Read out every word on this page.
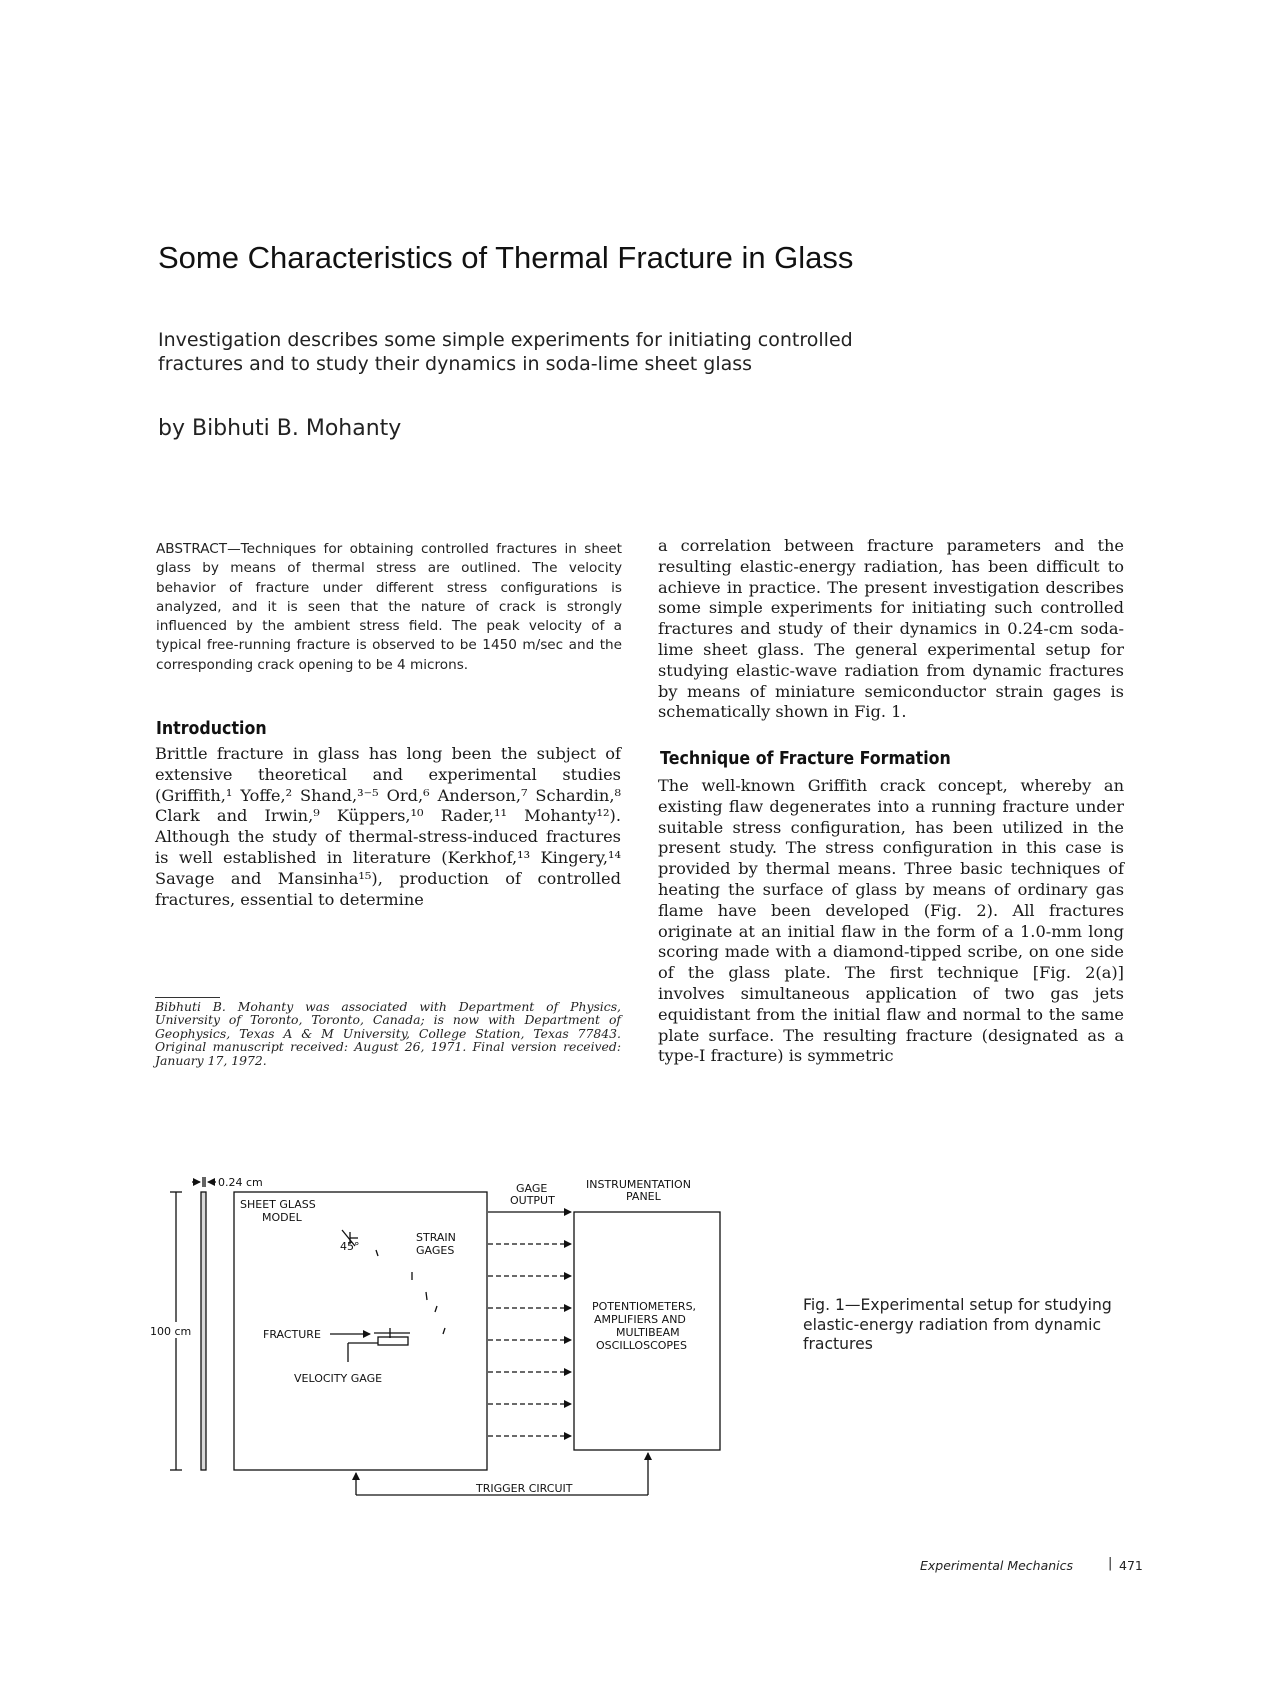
Some Characteristics of Thermal Fracture in Glass
Investigation describes some simple experiments for initiating controlled fractures and to study their dynamics in soda-lime sheet glass
by Bibhuti B. Mohanty
ABSTRACT—Techniques for obtaining controlled fractures in sheet glass by means of thermal stress are outlined. The velocity behavior of fracture under different stress configurations is analyzed, and it is seen that the nature of crack is strongly influenced by the ambient stress field. The peak velocity of a typical free-running fracture is observed to be 1450 m/sec and the corresponding crack opening to be 4 microns.
Introduction
Brittle fracture in glass has long been the subject of extensive theoretical and experimental studies (Griffith,¹ Yoffe,² Shand,³⁻⁵ Ord,⁶ Anderson,⁷ Schardin,⁸ Clark and Irwin,⁹ Küppers,¹⁰ Rader,¹¹ Mohanty¹²). Although the study of thermal-stress-induced fractures is well established in literature (Kerkhof,¹³ Kingery,¹⁴ Savage and Mansinha¹⁵), production of controlled fractures, essential to determine
Bibhuti B. Mohanty was associated with Department of Physics, University of Toronto, Toronto, Canada; is now with Department of Geophysics, Texas A & M University, College Station, Texas 77843. Original manuscript received: August 26, 1971. Final version received: January 17, 1972.
a correlation between fracture parameters and the resulting elastic-energy radiation, has been difficult to achieve in practice. The present investigation describes some simple experiments for initiating such controlled fractures and study of their dynamics in 0.24-cm soda-lime sheet glass. The general experimental setup for studying elastic-wave radiation from dynamic fractures by means of miniature semiconductor strain gages is schematically shown in Fig. 1.
Technique of Fracture Formation
The well-known Griffith crack concept, whereby an existing flaw degenerates into a running fracture under suitable stress configuration, has been utilized in the present study. The stress configuration in this case is provided by thermal means. Three basic techniques of heating the surface of glass by means of ordinary gas flame have been developed (Fig. 2). All fractures originate at an initial flaw in the form of a 1.0-mm long scoring made with a diamond-tipped scribe, on one side of the glass plate. The first technique [Fig. 2(a)] involves simultaneous application of two gas jets equidistant from the initial flaw and normal to the same plate surface. The resulting fracture (designated as a type-I fracture) is symmetric
0.24 cm
100 cm
SHEET GLASS
MODEL
45°
STRAIN
GAGES
FRACTURE
VELOCITY GAGE
GAGE
OUTPUT
INSTRUMENTATION
PANEL
POTENTIOMETERS,
AMPLIFIERS AND
MULTIBEAM
OSCILLOSCOPES
TRIGGER CIRCUIT
Fig. 1—Experimental setup for studying elastic-energy radiation from dynamic fractures
Experimental Mechanics	| 471
